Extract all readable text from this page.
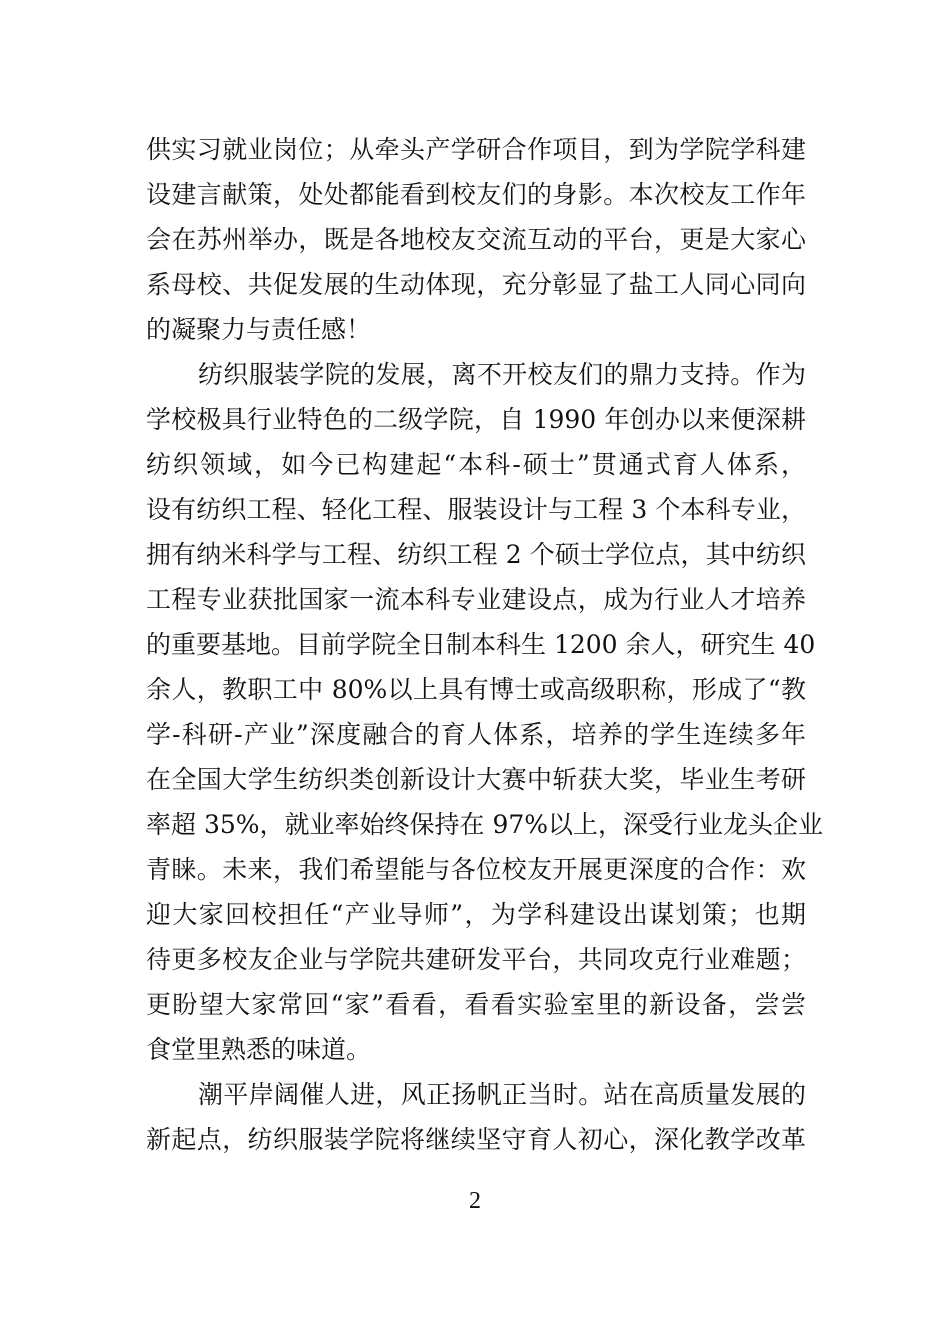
供实习就业岗位；从牵头产学研合作项目，到为学院学科建
设建言献策，处处都能看到校友们的身影。本次校友工作年
会在苏州举办，既是各地校友交流互动的平台，更是大家心
系母校、共促发展的生动体现，充分彰显了盐工人同心同向
的凝聚力与责任感！
纺织服装学院的发展，离不开校友们的鼎力支持。作为
学校极具行业特色的二级学院，自 1990 年创办以来便深耕
纺织领域，如今已构建起“本科-硕士”贯通式育人体系，
设有纺织工程、轻化工程、服装设计与工程 3 个本科专业，
拥有纳米科学与工程、纺织工程 2 个硕士学位点，其中纺织
工程专业获批国家一流本科专业建设点，成为行业人才培养
的重要基地。目前学院全日制本科生 1200 余人，研究生 40
余人，教职工中 80%以上具有博士或高级职称，形成了“教
学-科研-产业”深度融合的育人体系，培养的学生连续多年
在全国大学生纺织类创新设计大赛中斩获大奖，毕业生考研
率超 35%，就业率始终保持在 97%以上，深受行业龙头企业
青睐。未来，我们希望能与各位校友开展更深度的合作：欢
迎大家回校担任“产业导师”，为学科建设出谋划策；也期
待更多校友企业与学院共建研发平台，共同攻克行业难题；
更盼望大家常回“家”看看，看看实验室里的新设备，尝尝
食堂里熟悉的味道。
潮平岸阔催人进，风正扬帆正当时。站在高质量发展的
新起点，纺织服装学院将继续坚守育人初心，深化教学改革
2
